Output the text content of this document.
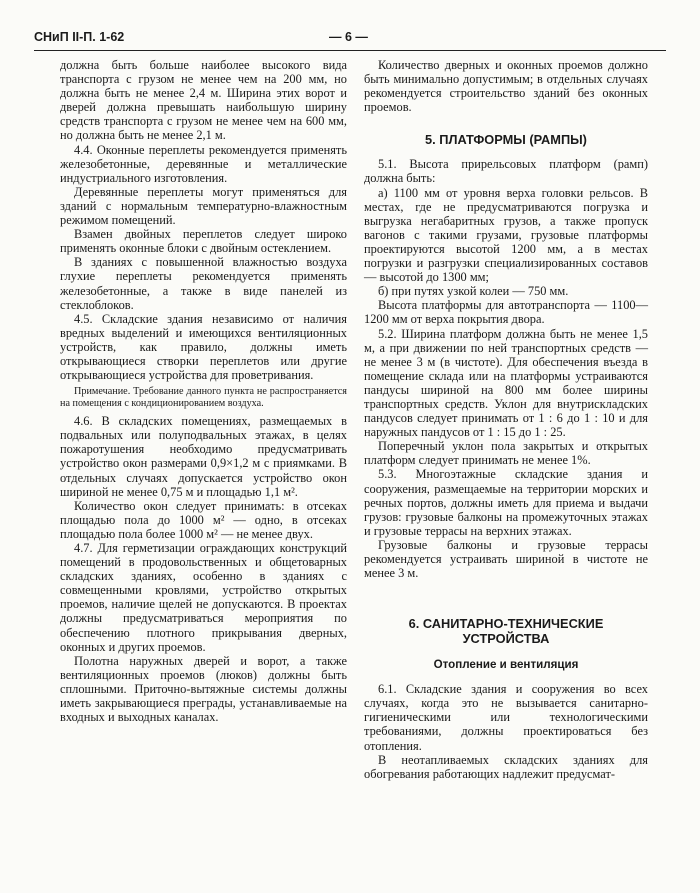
СНиП II-П. 1-62	— 6 —

должна быть больше наиболее высокого вида транспорта с грузом не менее чем на 200 мм, но должна быть не менее 2,4 м. Ширина этих ворот и дверей должна превышать наибольшую ширину средств транспорта с грузом не менее чем на 600 мм, но должна быть не менее 2,1 м.

4.4. Оконные переплеты рекомендуется применять железобетонные, деревянные и металлические индустриального изготовления.

Деревянные переплеты могут применяться для зданий с нормальным температурно-влажностным режимом помещений.

Взамен двойных переплетов следует широко применять оконные блоки с двойным остеклением.

В зданиях с повышенной влажностью воздуха глухие переплеты рекомендуется применять железобетонные, а также в виде панелей из стеклоблоков.

4.5. Складские здания независимо от наличия вредных выделений и имеющихся вентиляционных устройств, как правило, должны иметь открывающиеся створки переплетов или другие открывающиеся устройства для проветривания.

Примечание. Требование данного пункта не распространяется на помещения с кондиционированием воздуха.

4.6. В складских помещениях, размещаемых в подвальных или полуподвальных этажах, в целях пожаротушения необходимо предусматривать устройство окон размерами 0,9×1,2 м с приямками. В отдельных случаях допускается устройство окон шириной не менее 0,75 м и площадью 1,1 м².

Количество окон следует принимать: в отсеках площадью пола до 1000 м² — одно, в отсеках площадью пола более 1000 м² — не менее двух.

4.7. Для герметизации ограждающих конструкций помещений в продовольственных и общетоварных складских зданиях, особенно в зданиях с совмещенными кровлями, устройство открытых проемов, наличие щелей не допускаются. В проектах должны предусматриваться мероприятия по обеспечению плотного прикрывания дверных, оконных и других проемов.

Полотна наружных дверей и ворот, а также вентиляционных проемов (люков) должны быть сплошными. Приточно-вытяжные системы должны иметь закрывающиеся преграды, устанавливаемые на входных и выходных каналах.

Количество дверных и оконных проемов должно быть минимально допустимым; в отдельных случаях рекомендуется строительство зданий без оконных проемов.

5. ПЛАТФОРМЫ (РАМПЫ)

5.1. Высота прирельсовых платформ (рамп) должна быть:

а) 1100 мм от уровня верха головки рельсов. В местах, где не предусматриваются погрузка и выгрузка негабаритных грузов, а также пропуск вагонов с такими грузами, грузовые платформы проектируются высотой 1200 мм, а в местах погрузки и разгрузки специализированных составов — высотой до 1300 мм;

б) при путях узкой колеи — 750 мм.

Высота платформы для автотранспорта — 1100—1200 мм от верха покрытия двора.

5.2. Ширина платформ должна быть не менее 1,5 м, а при движении по ней транспортных средств — не менее 3 м (в чистоте). Для обеспечения въезда в помещение склада или на платформы устраиваются пандусы шириной на 800 мм более ширины транспортных средств. Уклон для внутрискладских пандусов следует принимать от 1 : 6 до 1 : 10 и для наружных пандусов от 1 : 15 до 1 : 25.

Поперечный уклон пола закрытых и открытых платформ следует принимать не менее 1%.

5.3. Многоэтажные складские здания и сооружения, размещаемые на территории морских и речных портов, должны иметь для приема и выдачи грузов: грузовые балконы на промежуточных этажах и грузовые террасы на верхних этажах.

Грузовые балконы и грузовые террасы рекомендуется устраивать шириной в чистоте не менее 3 м.

6. САНИТАРНО-ТЕХНИЧЕСКИЕ УСТРОЙСТВА
Отопление и вентиляция

6.1. Складские здания и сооружения во всех случаях, когда это не вызывается санитарно-гигиеническими или технологическими требованиями, должны проектироваться без отопления.

В неотапливаемых складских зданиях для обогревания работающих надлежит предусмат-
